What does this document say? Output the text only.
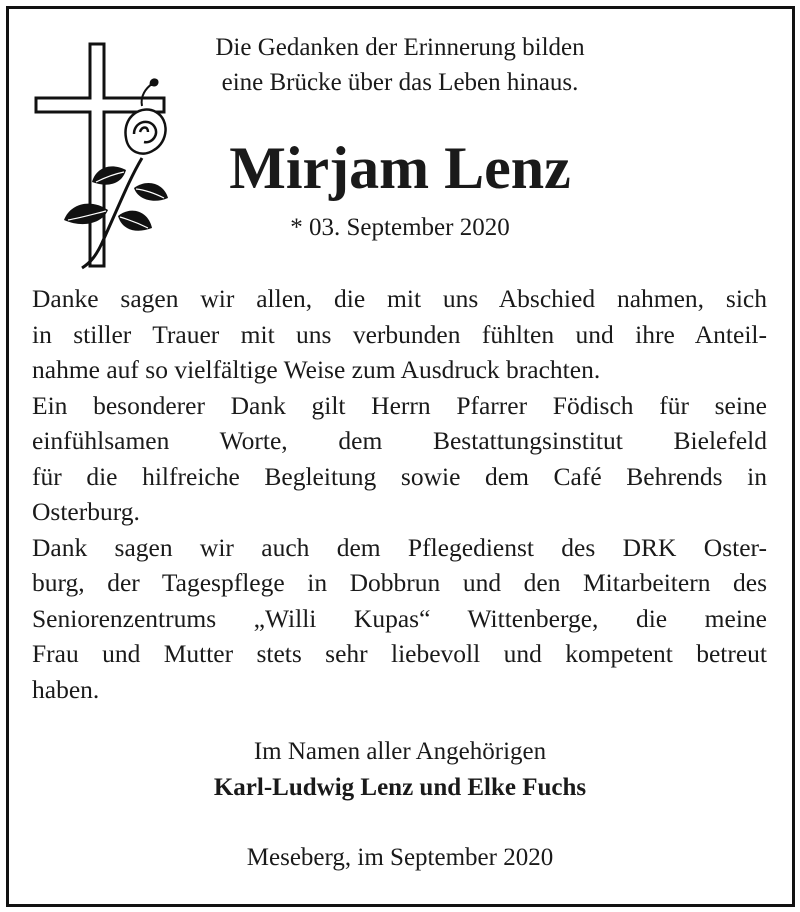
Die Gedanken der Erinnerung bilden
eine Brücke über das Leben hinaus.
Mirjam Lenz
* 03. September 2020
Danke sagen wir allen, die mit uns Abschied nahmen, sich
in stiller Trauer mit uns verbunden fühlten und ihre Anteil-
nahme auf so vielfältige Weise zum Ausdruck brachten.
Ein besonderer Dank gilt Herrn Pfarrer Födisch für seine
einfühlsamen Worte, dem Bestattungsinstitut Bielefeld
für die hilfreiche Begleitung sowie dem Café Behrends in
Osterburg.
Dank sagen wir auch dem Pflegedienst des DRK Oster-
burg, der Tagespflege in Dobbrun und den Mitarbeitern des
Seniorenzentrums „Willi Kupas“ Wittenberge, die meine
Frau und Mutter stets sehr liebevoll und kompetent betreut
haben.
Im Namen aller Angehörigen
Karl-Ludwig Lenz und Elke Fuchs
Meseberg, im September 2020
